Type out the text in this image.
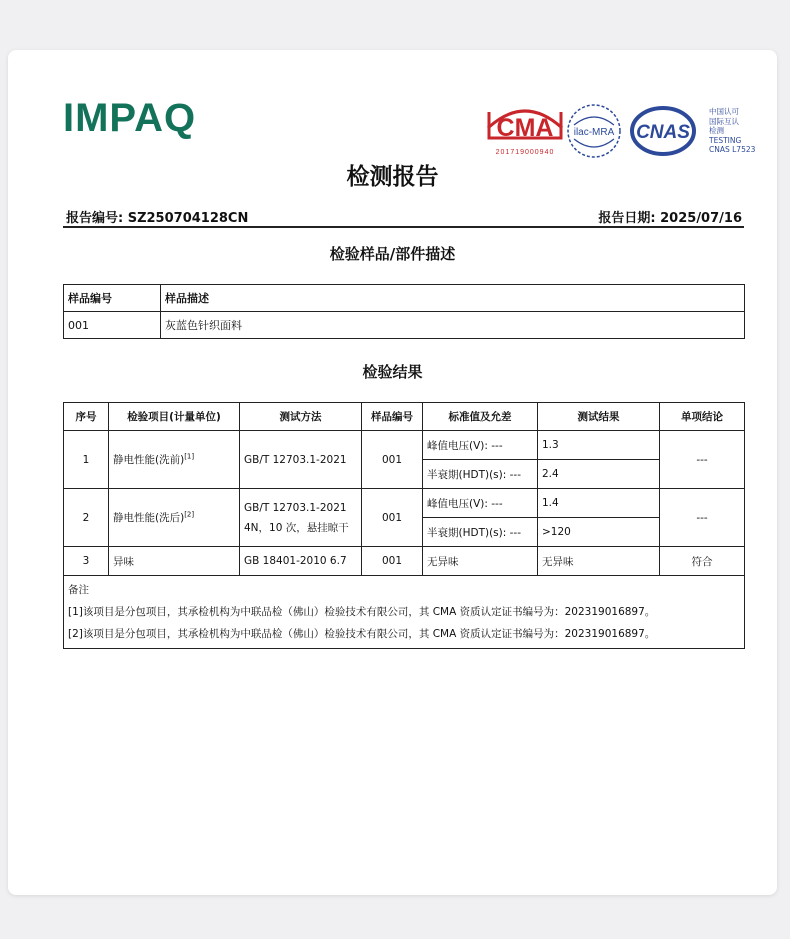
IMPAQ	CMA
201719000940
ilac-MRA CNAS
中国认可
国际互认
检测
TESTING
CNAS L7523
检测报告
报告编号: SZ250704128CN	报告日期: 2025/07/16
检验样品/部件描述
样品编号	样品描述
001	灰蓝色针织面料
检验结果
序号	检验项目(计量单位)	测试方法	样品编号	标准值及允差	测试结果	单项结论
1	静电性能(洗前)[1]	GB/T 12703.1-2021	001	峰值电压(V): ---	1.3	---
				半衰期(HDT)(s): ---	2.4	
2	静电性能(洗后)[2]	GB/T 12703.1-2021
4N，10 次，悬挂晾干	001	峰值电压(V): ---	1.4	---
				半衰期(HDT)(s): ---	>120	
3	异味	GB 18401-2010 6.7	001	无异味	无异味	符合

备注
[1]该项目是分包项目，其承检机构为中联品检（佛山）检验技术有限公司，其 CMA 资质认定证书编号为：202319016897。
[2]该项目是分包项目，其承检机构为中联品检（佛山）检验技术有限公司，其 CMA 资质认定证书编号为：202319016897。						
